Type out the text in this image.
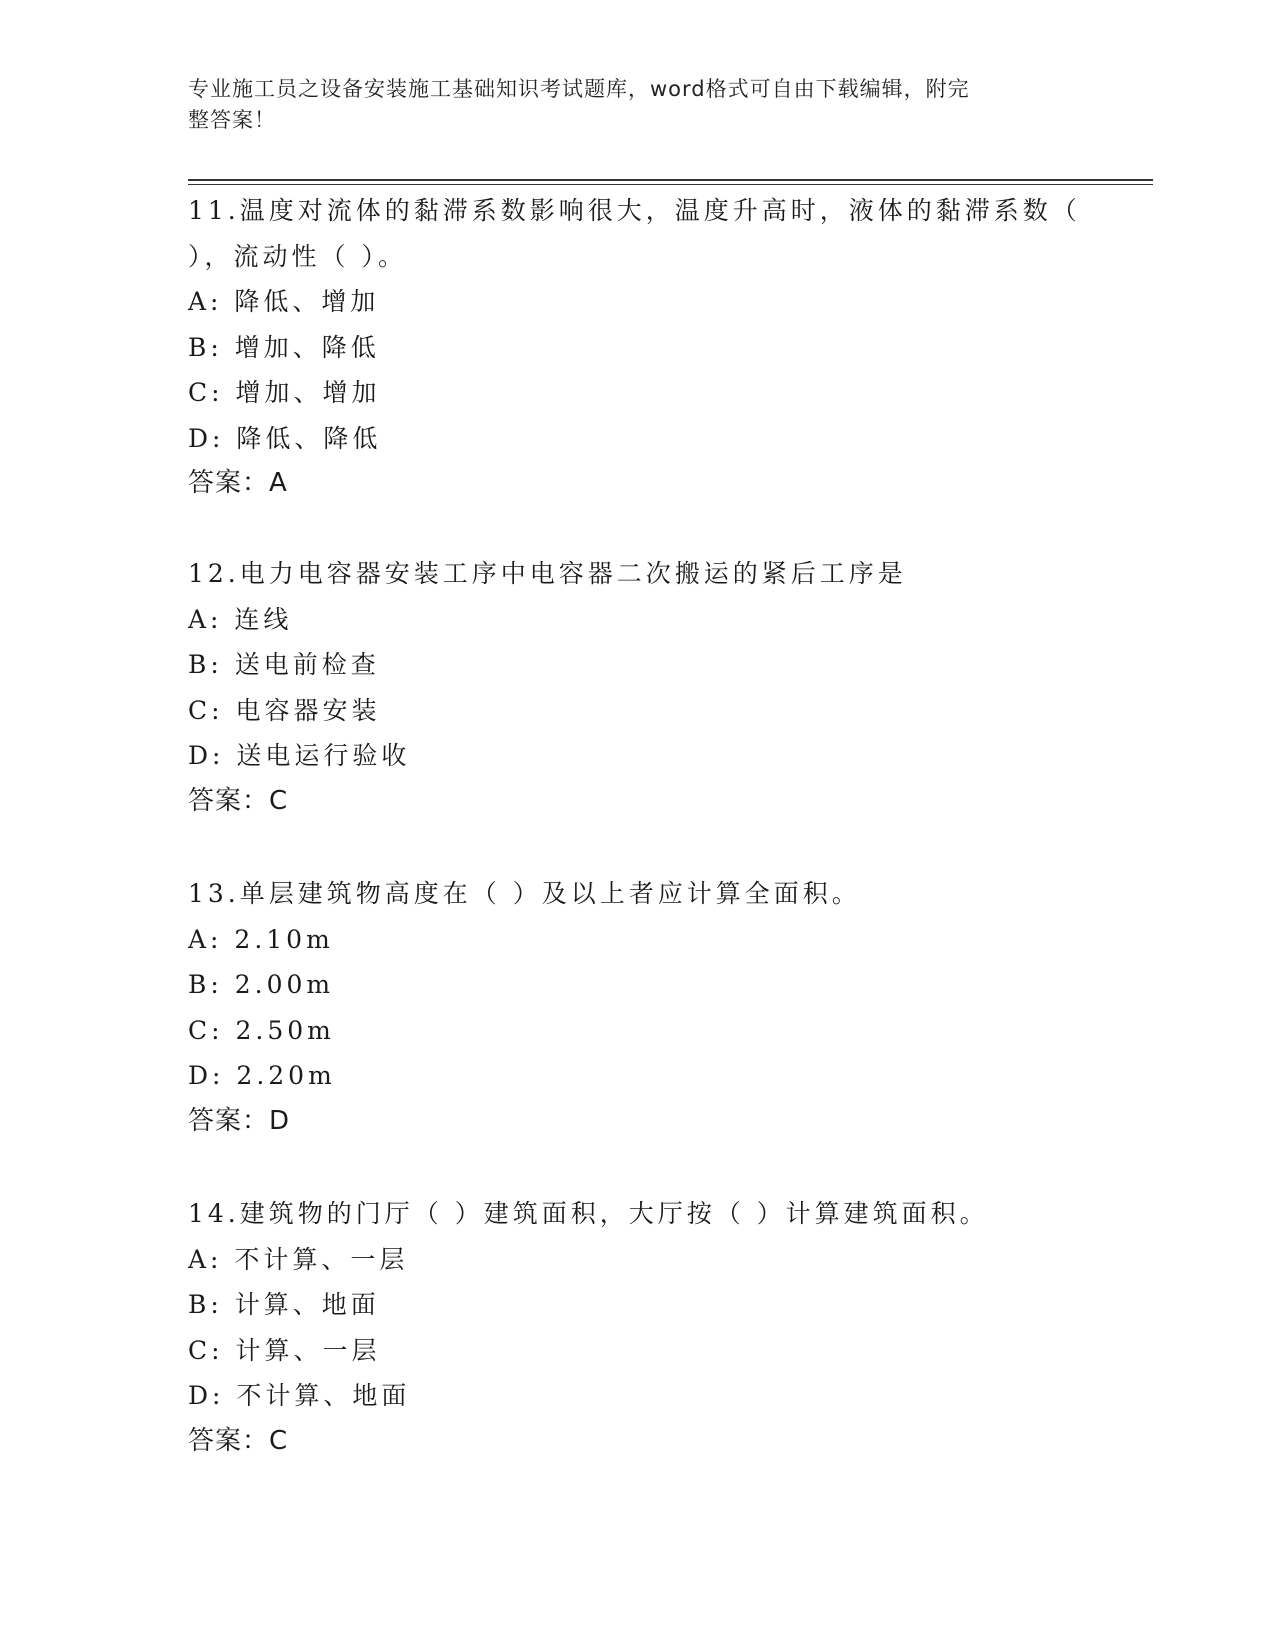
专业施工员之设备安装施工基础知识考试题库，word格式可自由下载编辑，附完
整答案！
11.温度对流体的黏滞系数影响很大，温度升高时，液体的黏滞系数（
），流动性（ ）。
A: 降低、增加
B: 增加、降低
C: 增加、增加
D: 降低、降低
答案：A
12.电力电容器安装工序中电容器二次搬运的紧后工序是
A: 连线
B: 送电前检查
C: 电容器安装
D: 送电运行验收
答案：C
13.单层建筑物高度在（ ）及以上者应计算全面积。
A: 2.10m
B: 2.00m
C: 2.50m
D: 2.20m
答案：D
14.建筑物的门厅（ ）建筑面积，大厅按（ ）计算建筑面积。
A: 不计算、一层
B: 计算、地面
C: 计算、一层
D: 不计算、地面
答案：C
